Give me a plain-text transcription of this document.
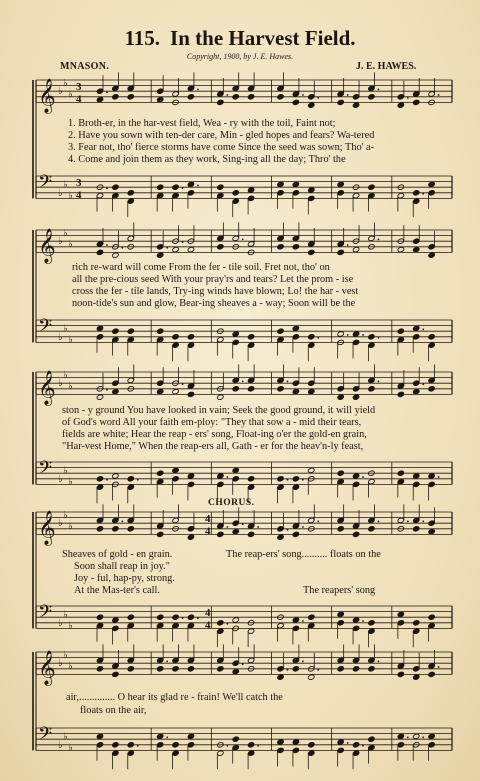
115. In the Harvest Field.
Copyright, 1900, by J. E. Hawes.
MNASON.	J. E. HAWES.
𝄞 ♭
♭
♭
3
4
𝄢 ♭
♭
♭
3
4
𝄞 ♭
♭
♭
𝄢 ♭
♭
♭
𝄞 ♭
♭
♭
𝄢 ♭
♭
♭
𝄞 ♭
♭
♭
4
4
𝄢 ♭
♭
♭
4
4
𝄞 ♭
♭
♭
𝄢 ♭
♭
♭
1. Broth-er, in the har-vest field, Wea - ry with the toil, Faint not;
2. Have you sown with ten-der care, Min - gled hopes and fears? Wa-tered
3. Fear not, tho' fierce storms have come Since the seed was sown; Tho' a-
4. Come and join them as they work, Sing-ing all the day; Thro' the
rich re-ward will come From the fer - tile soil. Fret not, tho' on
all the pre-cious seed With your pray'rs and tears? Let the prom - ise
cross the fer - tile lands, Try-ing winds have blown; Lo! the har - vest
noon-tide's sun and glow, Bear-ing sheaves a - way; Soon will be the
ston - y ground You have looked in vain; Seek the good ground, it will yield
of God's word All your faith em-ploy: "They that sow a - mid their tears,
fields are white; Hear the reap - ers' song, Float-ing o'er the gold-en grain,
"Har-vest Home," When the reap-ers all, Gath - er for the heav'n-ly feast,
CHORUS.
Sheaves of gold - en grain.
Soon shall reap in joy."
Joy - ful, hap-py, strong.
At the Mas-ter's call.
The reap-ers' song.......... floats on the
The reapers' song
air,.............. O hear its glad re - frain! We'll catch the
floats on the air,
